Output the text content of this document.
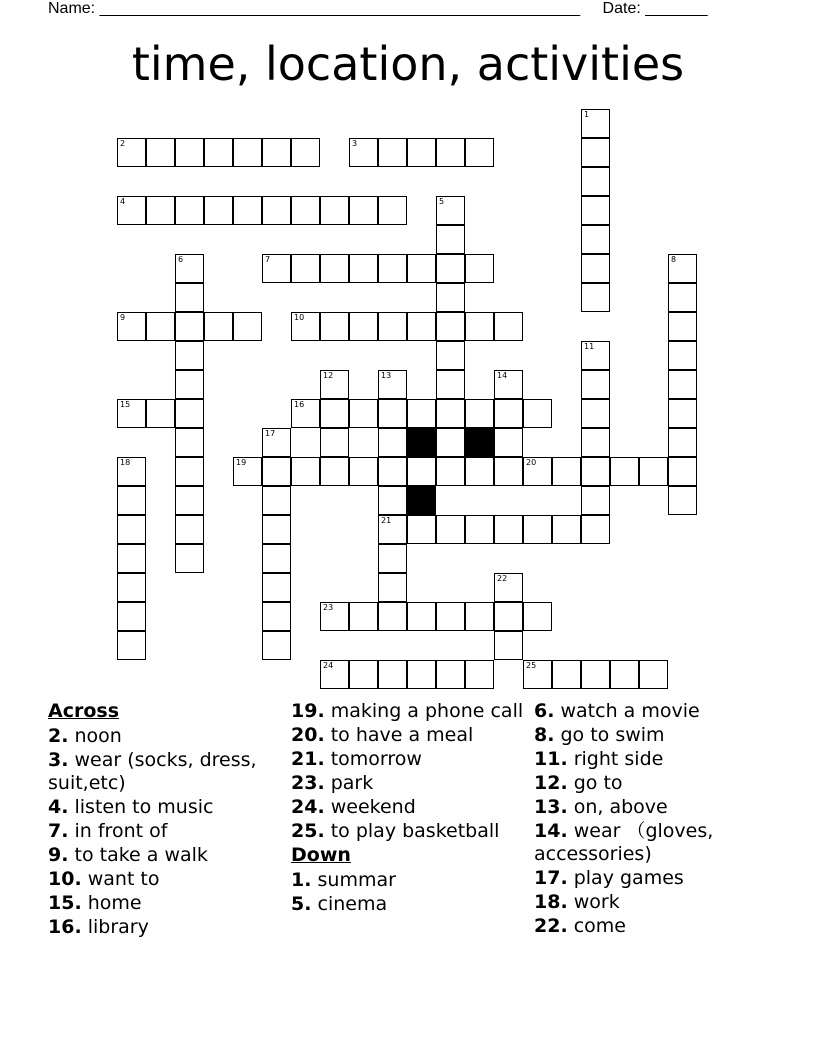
Name: ______________________________________________________ Date: _______
time, location, activities
2	3
4
7
9	10
15	16
19	20
21
23
24	25
1
5
6	8
11
12	13	14
17
18
22
Across
2. noon
3. wear (socks, dress, suit,etc)
4. listen to music
7. in front of
9. to take a walk
10. want to
15. home
16. library
19. making a phone call
20. to have a meal
21. tomorrow
23. park
24. weekend
25. to play basketball
Down
1. summar
5. cinema
6. watch a movie
8. go to swim
11. right side
12. go to
13. on, above
14. wear （gloves, accessories)
17. play games
18. work
22. come
